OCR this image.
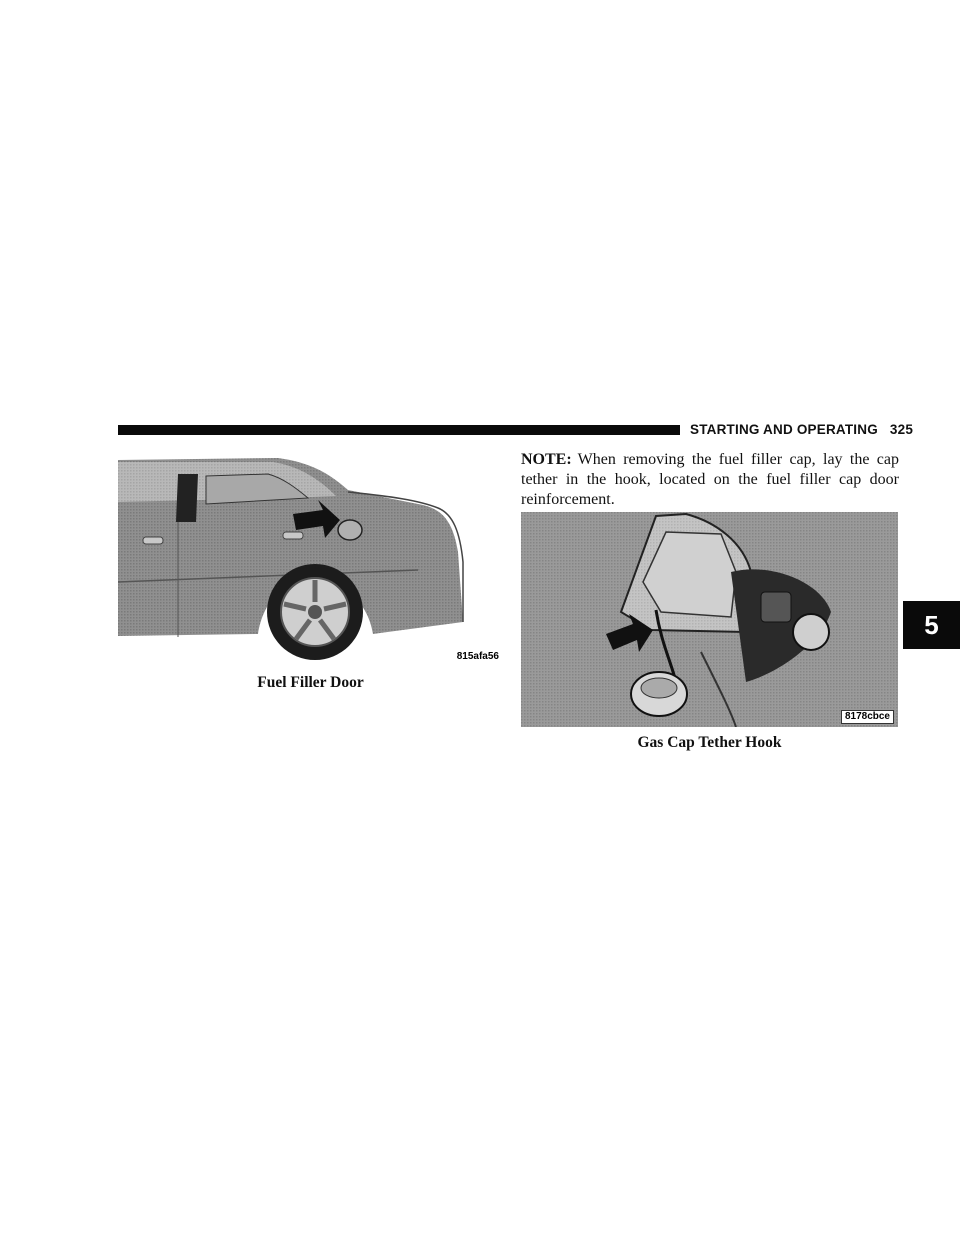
STARTING AND OPERATING 325
5
815afa56
Fuel Filler Door
NOTE: When removing the fuel filler cap, lay the cap tether in the hook, located on the fuel filler cap door reinforcement.
8178cbce
Gas Cap Tether Hook
